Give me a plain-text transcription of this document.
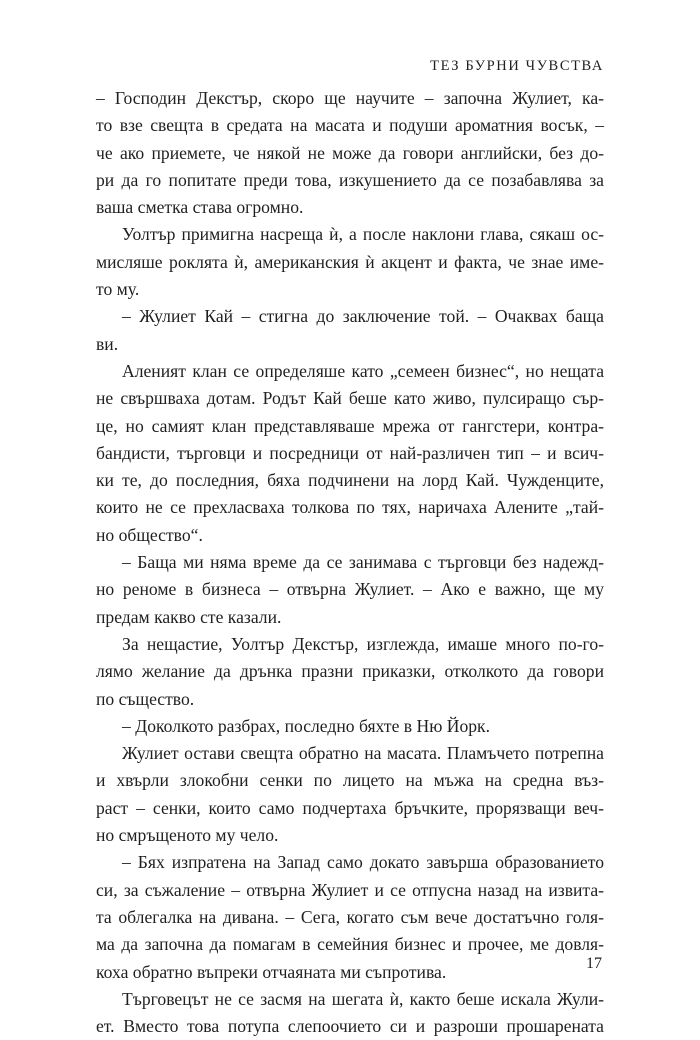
ТЕЗ БУРНИ ЧУВСТВА
– Господин Декстър, скоро ще научите – започна Жулиет, ка-
то взе свещта в средата на масата и подуши ароматния восък, –
че ако приемете, че някой не може да говори английски, без до-
ри да го попитате преди това, изкушението да се позабавлява за
ваша сметка става огромно.
Уолтър примигна насреща ѝ, а после наклони глава, сякаш ос-
мисляше роклята ѝ, американския ѝ акцент и факта, че знае име-
то му.
– Жулиет Кай – стигна до заключение той. – Очаквах баща
ви.
Аленият клан се определяше като „семеен бизнес“, но нещата
не свършваха дотам. Родът Кай беше като живо, пулсиращо сър-
це, но самият клан представляваше мрежа от гангстери, контра-
бандисти, търговци и посредници от най-различен тип – и всич-
ки те, до последния, бяха подчинени на лорд Кай. Чужденците,
които не се прехласваха толкова по тях, наричаха Алените „тай-
но общество“.
– Баща ми няма време да се занимава с търговци без надежд-
но реноме в бизнеса – отвърна Жулиет. – Ако е важно, ще му
предам какво сте казали.
За нещастие, Уолтър Декстър, изглежда, имаше много по-го-
лямо желание да дрънка празни приказки, отколкото да говори
по същество.
– Доколкото разбрах, последно бяхте в Ню Йорк.
Жулиет остави свещта обратно на масата. Пламъчето потрепна
и хвърли злокобни сенки по лицето на мъжа на средна въз-
раст – сенки, които само подчертаха бръчките, прорязващи веч-
но смръщеното му чело.
– Бях изпратена на Запад само докато завърша образованието
си, за съжаление – отвърна Жулиет и се отпусна назад на извита-
та облегалка на дивана. – Сега, когато съм вече достатъчно голя-
ма да започна да помагам в семейния бизнес и прочее, ме довля-
коха обратно въпреки отчаяната ми съпротива.
Търговецът не се засмя на шегата ѝ, както беше искала Жули-
ет. Вместо това потупа слепоочието си и разроши прошарената
17
